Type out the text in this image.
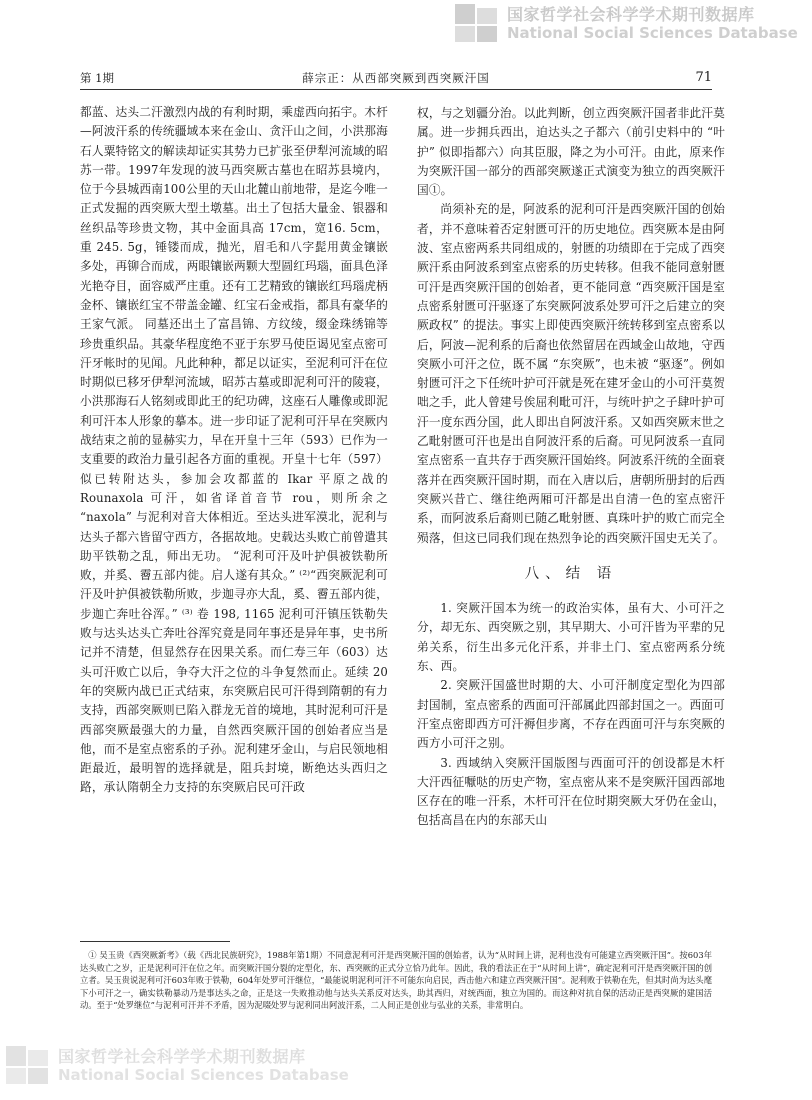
国家哲学社会科学学术期刊数据库
National Social Sciences Database
第 1期	薛宗正：从西部突厥到西突厥汗国	71

都蓝、达头二汗激烈内战的有利时期，乘虚西向拓宇。木杆—阿波汗系的传统疆域本来在金山、贪汗山之间，小洪那海石人粟特铭文的解读却证实其势力已扩张至伊犁河流域的昭苏一带。1997年发现的波马西突厥古墓也在昭苏县境内，位于今县城西南100公里的天山北麓山前地带，是迄今唯一正式发掘的西突厥大型土墩墓。出土了包括大量金、银器和丝织品等珍贵文物，其中金面具高 17cm，宽16. 5cm，重 245. 5g，锤镂而成，抛光，眉毛和八字髭用黄金镶嵌多处，再铆合而成，两眼镶嵌两颗大型圆红玛瑙，面具色泽光艳夺目，面容威严庄重。还有工艺精致的镶嵌红玛瑙虎柄金杯、镶嵌红宝不带盖金罐、红宝石金戒指，都具有豪华的王家气派。 同墓还出土了富昌锦、方纹绫，缀金珠绣锦等珍贵重织品。其豪华程度绝不亚于东罗马使臣谒见室点密可汗牙帐时的见闻。凡此种种，都足以证实，至泥利可汗在位时期似已移牙伊犁河流域，昭苏古墓或即泥利可汗的陵寝，小洪那海石人铭刻或即此王的纪功碑，这座石人雕像或即泥利可汗本人形象的摹本。进一步印证了泥利可汗早在突厥内战结束之前的显赫实力，早在开皇十三年（593）已作为一支重要的政治力量引起各方面的重视。开皇十七年（597）似已转附达头，参加会攻都蓝的 Ikar 平原之战的 Rounaxola 可汗，如省译首音节 rou，则所余之 “naxola” 与泥利对音大体相近。至达头进军漠北，泥利与达头子都六皆留守西方，各据故地。史载达头败亡前曾遣其助平铁勒之乱，师出无功。 “泥利可汗及叶护俱被铁勒所败，并奚、霫五部内徙。启人遂有其众。” ⁽²⁾“西突厥泥利可汗及叶护俱被铁勒所败，步迦寻亦大乱，奚、霫五部内徙，步迦亡奔吐谷浑。” ⁽³⁾ 卷 198, 1165 泥利可汗镇压铁勒失败与达头达头亡奔吐谷浑究竟是同年事还是异年事，史书所记并不清楚，但显然存在因果关系。而仁寿三年（603）达头可汗败亡以后，争夺大汗之位的斗争复然而止。延续 20年的突厥内战已正式结束，东突厥启民可汗得到隋朝的有力支持，西部突厥则已陷入群龙无首的境地，其时泥利可汗是西部突厥最强大的力量，自然西突厥汗国的创始者应当是他，而不是室点密系的子孙。泥利建牙金山，与启民领地相距最近，最明智的选择就是，阻兵封境，断绝达头西归之路，承认隋朝全力支持的东突厥启民可汗政

权，与之划疆分治。以此判断，创立西突厥汗国者非此汗莫属。进一步拥兵西出，迫达头之子都六（前引史料中的 “叶护” 似即指都六）向其臣服，降之为小可汗。由此，原来作为突厥汗国一部分的西部突厥遂正式演变为独立的西突厥汗国①。

尚须补充的是，阿波系的泥利可汗是西突厥汗国的创始者，并不意味着否定射匮可汗的历史地位。西突厥本是由阿波、室点密两系共同组成的，射匮的功绩即在于完成了西突厥汗系由阿波系到室点密系的历史转移。但我不能同意射匮可汗是西突厥汗国的创始者，更不能同意 “西突厥汗国是室点密系射匮可汗驱逐了东突厥阿波系处罗可汗之后建立的突厥政权” 的提法。事实上即使西突厥汗统转移到室点密系以后，阿波—泥利系的后裔也依然留居在西域金山故地，守西突厥小可汗之位，既不属 “东突厥”，也未被 “驱逐”。例如射匮可汗之下任统叶护可汗就是死在建牙金山的小可汗莫贺咄之手，此人曾建号俟屈利毗可汗，与统叶护之子肆叶护可汗一度东西分国，此人即出自阿波汗系。又如西突厥末世之乙毗射匮可汗也是出自阿波汗系的后裔。可见阿波系一直同室点密系一直共存于西突厥汗国始终。阿波系汗统的全面衰落并在西突厥汗国时期，而在入唐以后，唐朝所册封的后西突厥兴昔亡、继往绝两厢可汗都是出自清一色的室点密汗系，而阿波系后裔则已随乙毗射匮、真珠叶护的败亡而完全殒落，但这已同我们现在热烈争论的西突厥汗国史无关了。

八、结 语

1. 突厥汗国本为统一的政治实体，虽有大、小可汗之分，却无东、西突厥之别，其早期大、小可汗皆为平辈的兄弟关系，衍生出多元化汗系，并非土门、室点密两系分统东、西。

2. 突厥汗国盛世时期的大、小可汗制度定型化为四部封国制，室点密系的西面可汗部属此四部封国之一。西面可汗室点密即西方可汗褥但步离，不存在西面可汗与东突厥的西方小可汗之别。

3. 西域纳入突厥汗国版图与西面可汗的创设都是木杆大汗西征嚈哒的历史产物，室点密从来不是突厥汗国西部地区存在的唯一汗系，木杆可汗在位时期突厥大牙仍在金山，包括高昌在内的东部天山

① 吴玉贵《西突厥新考》（载《西北民族研究》，1988年第1期）不同意泥利可汗是西突厥汗国的创始者，认为“从时间上讲，泥利也没有可能建立西突厥汗国”。按603年达头败亡之岁，正是泥利可汗在位之年。而突厥汗国分裂的定型化，东、西突厥的正式分立恰乃此年。因此，我的看法正在于“从时间上讲”，确定泥利可汗是西突厥汗国的创立者。吴玉贵说泥利可汗603年败于铁勒，604年处罗可汗继位，“最能说明泥利可汗不可能东向启民，西击他六和建立西突厥汗国”。泥利败于铁勒在先，但其时尚为达头麾下小可汗之一，确实铁勒暴动乃是事达头之命，正是这一失败推动他与达头关系反对达头，助其西归，对统西面，独立为国的。而这种对抗自保的活动正是西突厥的建国活动。至于“处罗继位”与泥利可汗并不矛盾，因为泥啜处罗与泥利同出阿波汗系，二人间正是创业与弘业的关系，非常明白。

国家哲学社会科学学术期刊数据库
National Social Sciences Database
